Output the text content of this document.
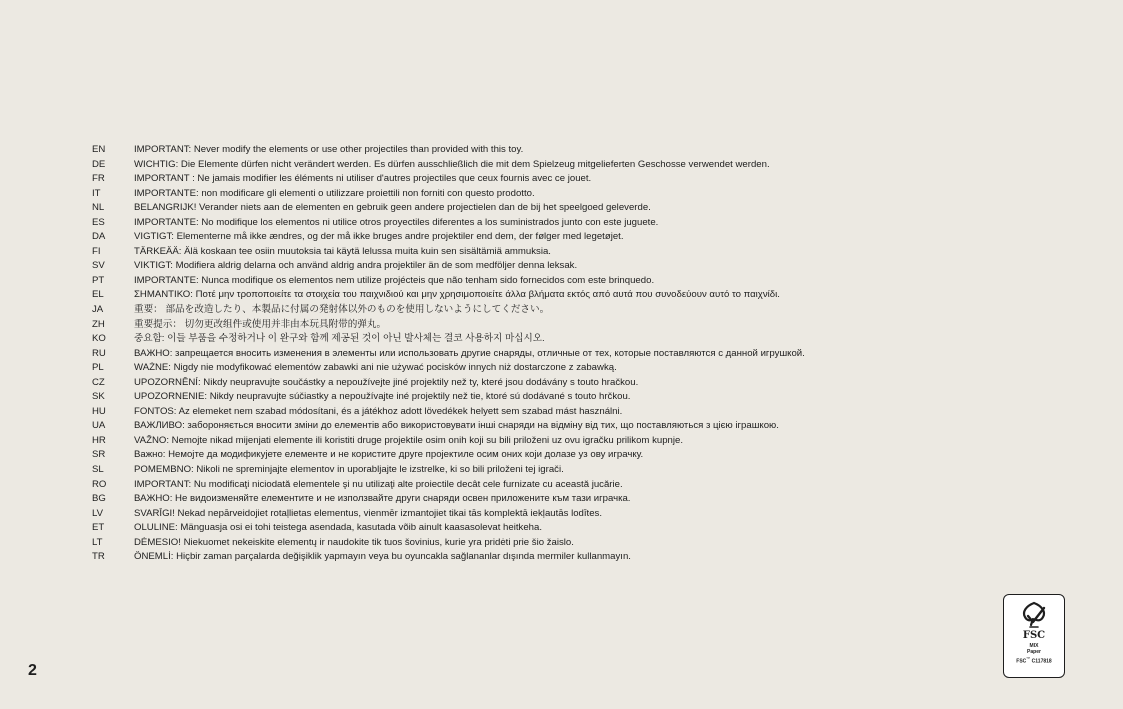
EN	IMPORTANT: Never modify the elements or use other projectiles than provided with this toy.
DE	WICHTIG: Die Elemente dürfen nicht verändert werden. Es dürfen ausschließlich die mit dem Spielzeug mitgelieferten Geschosse verwendet werden.
FR	IMPORTANT : Ne jamais modifier les éléments ni utiliser d'autres projectiles que ceux fournis avec ce jouet.
IT	IMPORTANTE: non modificare gli elementi o utilizzare proiettili non forniti con questo prodotto.
NL	BELANGRIJK! Verander niets aan de elementen en gebruik geen andere projectielen dan de bij het speelgoed geleverde.
ES	IMPORTANTE: No modifique los elementos ni utilice otros proyectiles diferentes a los suministrados junto con este juguete.
DA	VIGTIGT: Elementerne må ikke ændres, og der må ikke bruges andre projektiler end dem, der følger med legetøjet.
FI	TÄRKEÄÄ: Älä koskaan tee osiin muutoksia tai käytä lelussa muita kuin sen sisältämiä ammuksia.
SV	VIKTIGT: Modifiera aldrig delarna och använd aldrig andra projektiler än de som medföljer denna leksak.
PT	IMPORTANTE: Nunca modifique os elementos nem utilize projécteis que não tenham sido fornecidos com este brinquedo.
EL	ΣΗΜΑΝΤΙΚΟ: Ποτέ μην τροποποιείτε τα στοιχεία του παιχνιδιού και μην χρησιμοποιείτε άλλα βλήματα εκτός από αυτά που συνοδεύουν αυτό το παιχνίδι.
JA	重要： 部品を改造したり、本製品に付属の発射体以外のものを使用しないようにしてください。
ZH	重要提示： 切勿更改组件或使用并非由本玩具附带的弹丸。
KO	중요함: 이들 부품을 수정하거나 이 완구와 함께 제공된 것이 아닌 발사체는 결코 사용하지 마십시오.
RU	ВАЖНО: запрещается вносить изменения в элементы или использовать другие снаряды, отличные от тех, которые поставляются с данной игрушкой.
PL	WAŻNE: Nigdy nie modyfikować elementów zabawki ani nie używać pocisków innych niż dostarczone z zabawką.
CZ	UPOZORNĚNÍ: Nikdy neupravujte součástky a nepoužívejte jiné projektily než ty, které jsou dodávány s touto hračkou.
SK	UPOZORNENIE: Nikdy neupravujte súčiastky a nepoužívajte iné projektily než tie, ktoré sú dodávané s touto hrčkou.
HU	FONTOS: Az elemeket nem szabad módosítani, és a játékhoz adott lövedékek helyett sem szabad mást használni.
UA	ВАЖЛИВО: забороняється вносити зміни до елементів або використовувати інші снаряди на відміну від тих, що поставляються з цією іграшкою.
HR	VAŽNO: Nemojte nikad mijenjati elemente ili koristiti druge projektile osim onih koji su bili priloženi uz ovu igračku prilikom kupnje.
SR	Важно: Немојте да модификујете елементе и не користите друге пројектиле осим оних који долазе уз ову играчку.
SL	POMEMBNO: Nikoli ne spreminjajte elementov in uporabljajte le izstrelke, ki so bili priloženi tej igrači.
RO	IMPORTANT: Nu modificaţi niciodată elementele şi nu utilizaţi alte proiectile decât cele furnizate cu această jucărie.
BG	ВАЖНО: Не видоизменяйте елементите и не използвайте други снаряди освен приложените към тази играчка.
LV	SVARĪGI! Nekad nepārveidojiet rotaļlietas elementus, vienmēr izmantojiet tikai tās komplektā iekļautās lodītes.
ET	OLULINE: Mänguasja osi ei tohi teistega asendada, kasutada võib ainult kaasasolevat heitkeha.
LT	DĖMESIO! Niekuomet nekeiskite elementų ir naudokite tik tuos šovinius, kurie yra pridėti prie šio žaislo.
TR	ÖNEMLİ: Hiçbir zaman parçalarda değişiklik yapmayın veya bu oyuncakla sağlananlar dışında mermiler kullanmayın.
2
FSC
MIX
Paper
FSC™ C117818
